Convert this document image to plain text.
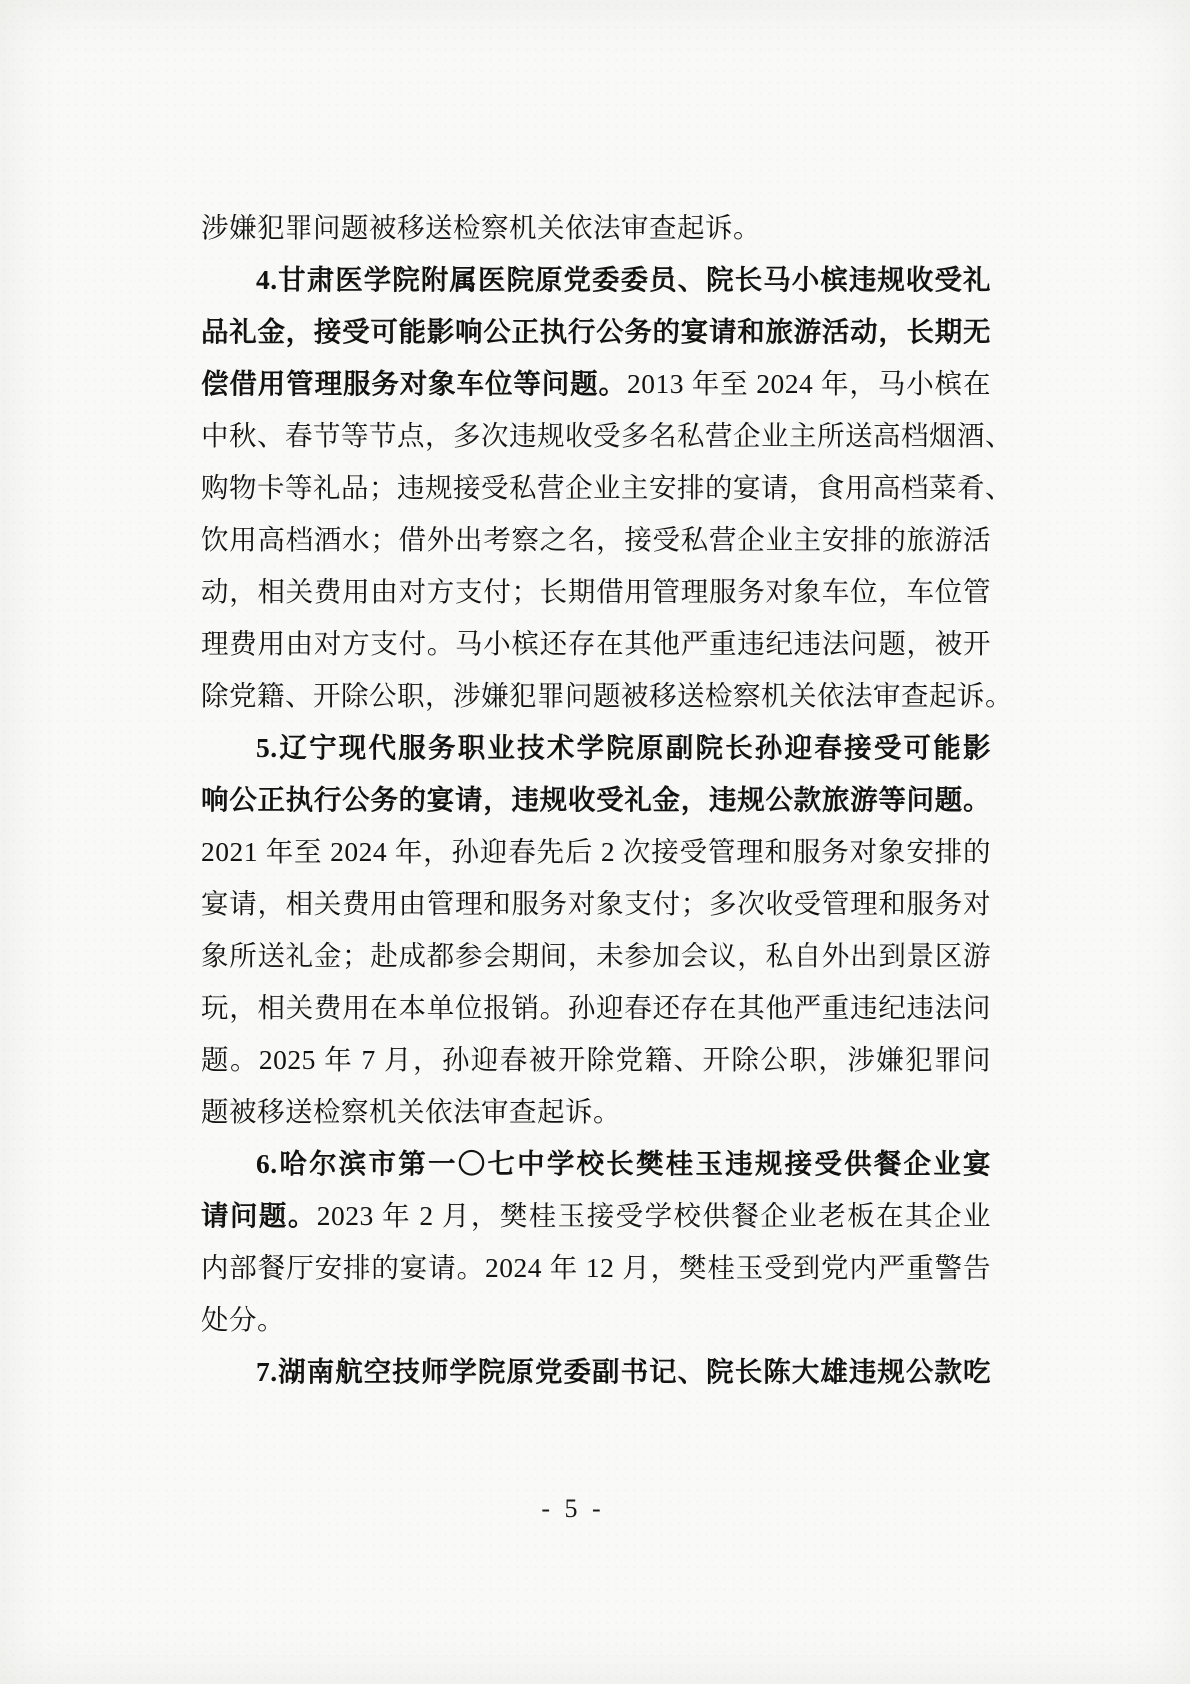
涉嫌犯罪问题被移送检察机关依法审查起诉。
4.甘肃医学院附属医院原党委委员、院长马小槟违规收受礼
品礼金，接受可能影响公正执行公务的宴请和旅游活动，长期无
偿借用管理服务对象车位等问题。2013 年至 2024 年，马小槟在
中秋、春节等节点，多次违规收受多名私营企业主所送高档烟酒、
购物卡等礼品；违规接受私营企业主安排的宴请，食用高档菜肴、
饮用高档酒水；借外出考察之名，接受私营企业主安排的旅游活
动，相关费用由对方支付；长期借用管理服务对象车位，车位管
理费用由对方支付。马小槟还存在其他严重违纪违法问题，被开
除党籍、开除公职，涉嫌犯罪问题被移送检察机关依法审查起诉。
5.辽宁现代服务职业技术学院原副院长孙迎春接受可能影
响公正执行公务的宴请，违规收受礼金，违规公款旅游等问题。
2021 年至 2024 年，孙迎春先后 2 次接受管理和服务对象安排的
宴请，相关费用由管理和服务对象支付；多次收受管理和服务对
象所送礼金；赴成都参会期间，未参加会议，私自外出到景区游
玩，相关费用在本单位报销。孙迎春还存在其他严重违纪违法问
题。2025 年 7 月，孙迎春被开除党籍、开除公职，涉嫌犯罪问
题被移送检察机关依法审查起诉。
6.哈尔滨市第一〇七中学校长樊桂玉违规接受供餐企业宴
请问题。2023 年 2 月，樊桂玉接受学校供餐企业老板在其企业
内部餐厅安排的宴请。2024 年 12 月，樊桂玉受到党内严重警告
处分。
7.湖南航空技师学院原党委副书记、院长陈大雄违规公款吃
- 5 -
